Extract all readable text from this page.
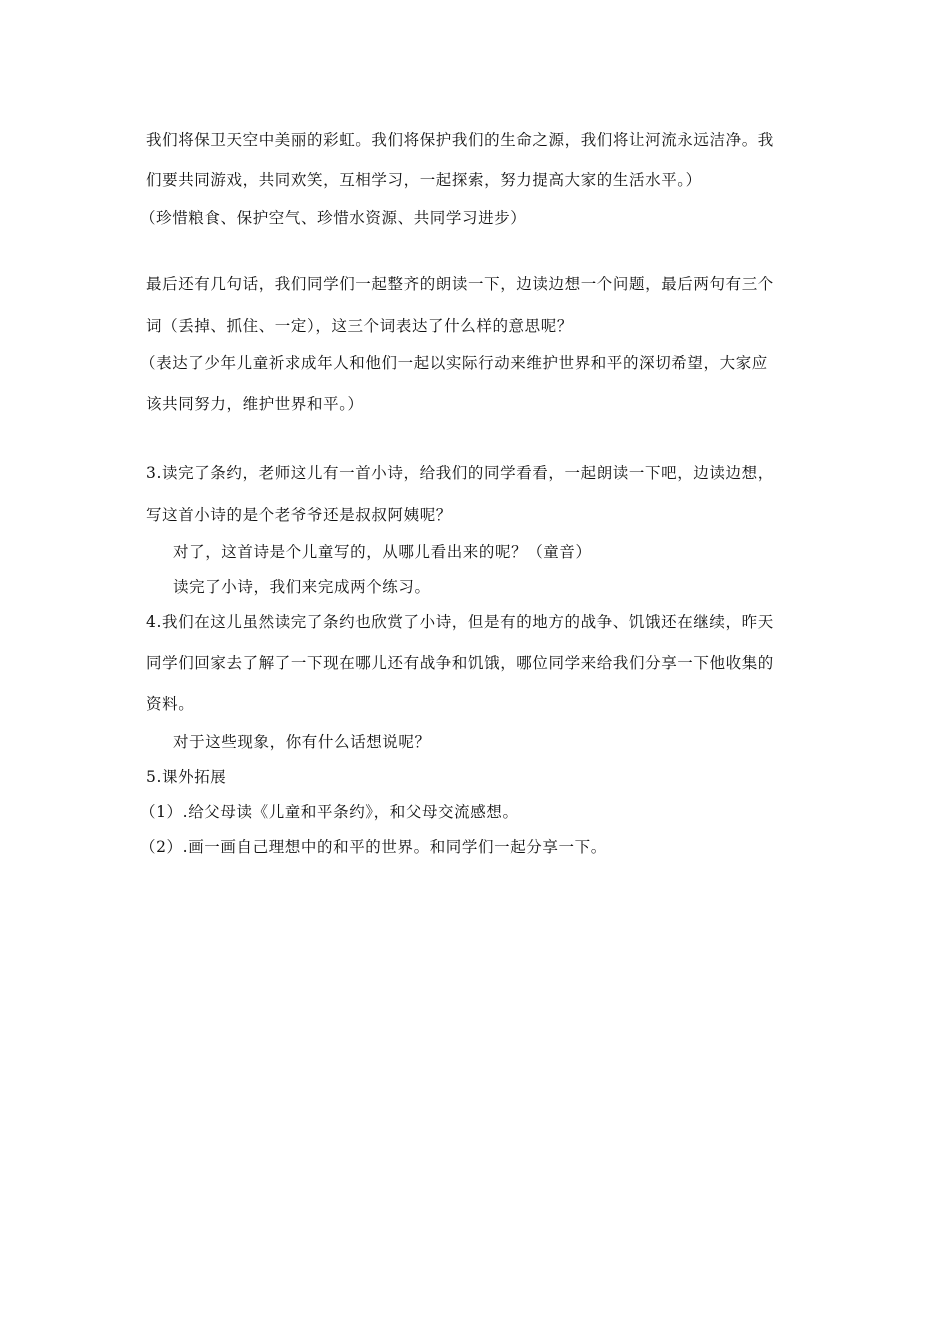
我们将保卫天空中美丽的彩虹。我们将保护我们的生命之源，我们将让河流永远洁净。我
们要共同游戏，共同欢笑，互相学习，一起探索，努力提高大家的生活水平。）
（珍惜粮食、保护空气、珍惜水资源、共同学习进步）
最后还有几句话，我们同学们一起整齐的朗读一下，边读边想一个问题，最后两句有三个
词（丢掉、抓住、一定），这三个词表达了什么样的意思呢？
（表达了少年儿童祈求成年人和他们一起以实际行动来维护世界和平的深切希望，大家应
该共同努力，维护世界和平。）
3.读完了条约，老师这儿有一首小诗，给我们的同学看看，一起朗读一下吧，边读边想，
写这首小诗的是个老爷爷还是叔叔阿姨呢？
对了，这首诗是个儿童写的，从哪儿看出来的呢？（童音）
读完了小诗，我们来完成两个练习。
4.我们在这儿虽然读完了条约也欣赏了小诗，但是有的地方的战争、饥饿还在继续，昨天
同学们回家去了解了一下现在哪儿还有战争和饥饿，哪位同学来给我们分享一下他收集的
资料。
对于这些现象，你有什么话想说呢？
5.课外拓展
（1）.给父母读《儿童和平条约》，和父母交流感想。
（2）.画一画自己理想中的和平的世界。和同学们一起分享一下。
